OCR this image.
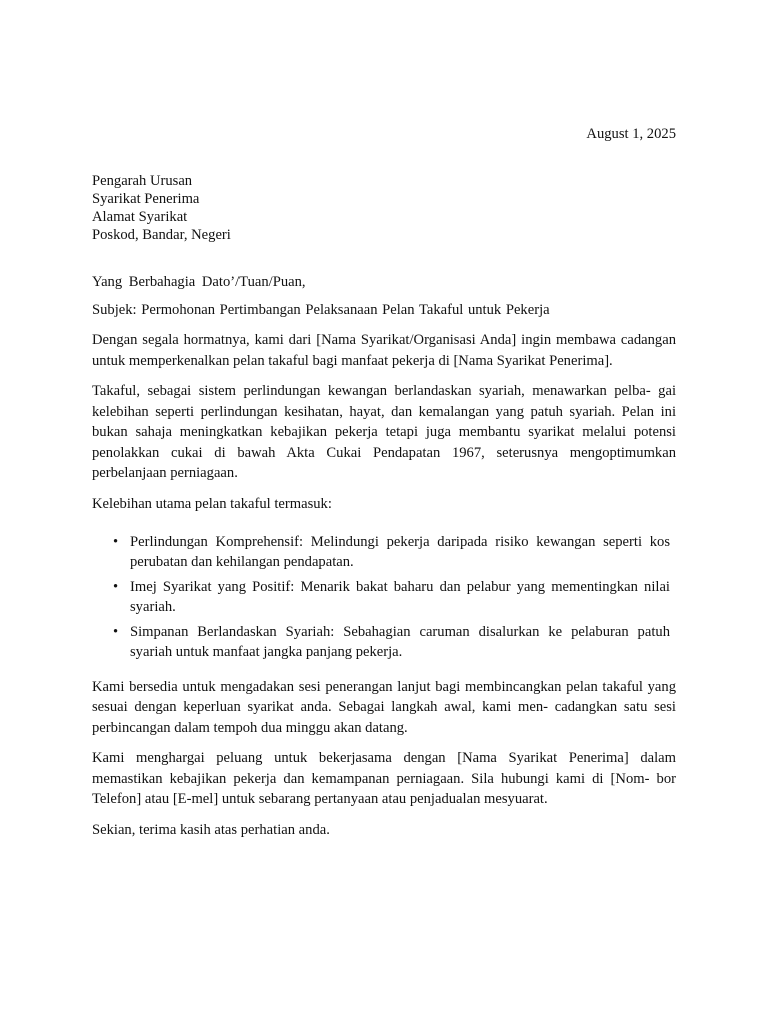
August 1, 2025
Pengarah Urusan
Syarikat Penerima
Alamat Syarikat
Poskod, Bandar, Negeri
Yang Berbahagia Dato’/Tuan/Puan,
Subjek: Permohonan Pertimbangan Pelaksanaan Pelan Takaful untuk Pekerja

Dengan segala hormatnya, kami dari [Nama Syarikat/Organisasi Anda] ingin membawa cadangan untuk memperkenalkan pelan takaful bagi manfaat pekerja di [Nama Syarikat Penerima].

Takaful, sebagai sistem perlindungan kewangan berlandaskan syariah, menawarkan pelba- gai kelebihan seperti perlindungan kesihatan, hayat, dan kemalangan yang patuh syariah. Pelan ini bukan sahaja meningkatkan kebajikan pekerja tetapi juga membantu syarikat melalui potensi penolakkan cukai di bawah Akta Cukai Pendapatan 1967, seterusnya mengoptimumkan perbelanjaan perniagaan.

Kelebihan utama pelan takaful termasuk:
• Perlindungan Komprehensif: Melindungi pekerja daripada risiko kewangan seperti kos perubatan dan kehilangan pendapatan.
• Imej Syarikat yang Positif: Menarik bakat baharu dan pelabur yang mementingkan nilai syariah.
• Simpanan Berlandaskan Syariah: Sebahagian caruman disalurkan ke pelaburan patuh syariah untuk manfaat jangka panjang pekerja.

Kami bersedia untuk mengadakan sesi penerangan lanjut bagi membincangkan pelan takaful yang sesuai dengan keperluan syarikat anda. Sebagai langkah awal, kami men- cadangkan satu sesi perbincangan dalam tempoh dua minggu akan datang.

Kami menghargai peluang untuk bekerjasama dengan [Nama Syarikat Penerima] dalam memastikan kebajikan pekerja dan kemampanan perniagaan. Sila hubungi kami di [Nom- bor Telefon] atau [E-mel] untuk sebarang pertanyaan atau penjadualan mesyuarat.

Sekian, terima kasih atas perhatian anda.
